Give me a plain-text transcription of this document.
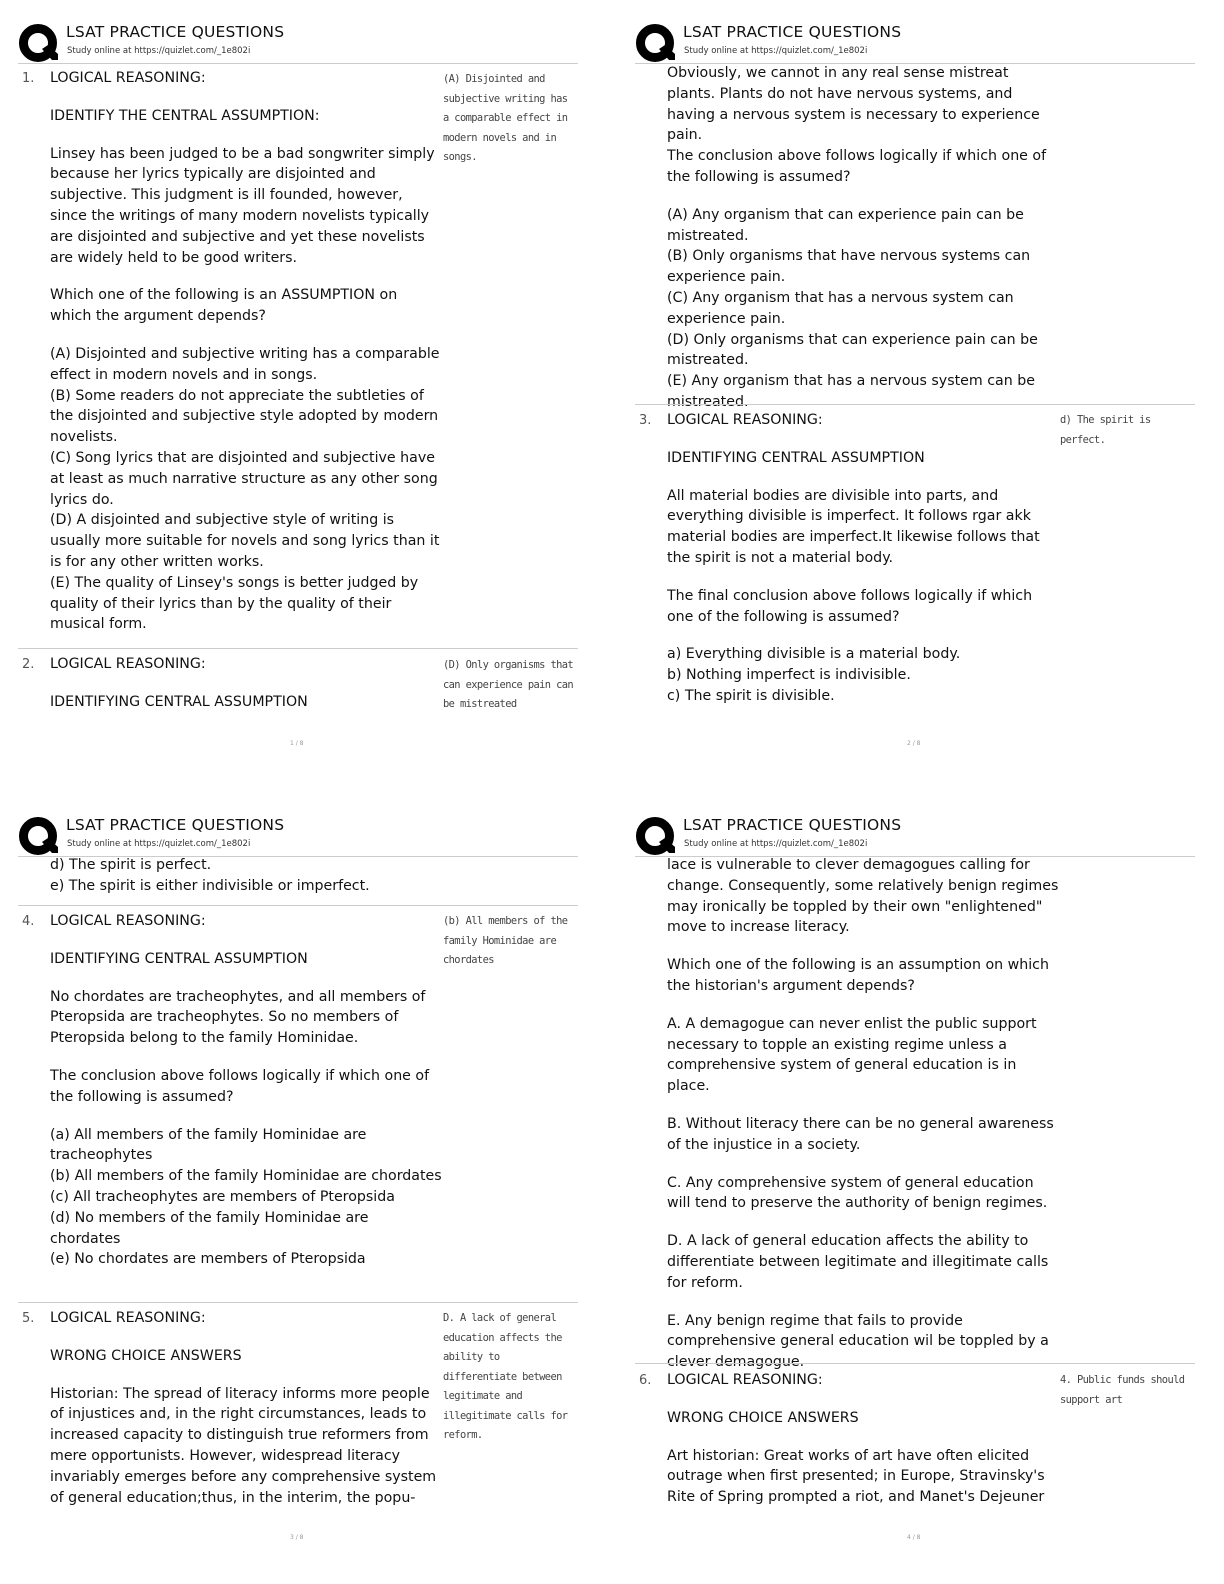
LSAT PRACTICE QUESTIONS
Study online at https://quizlet.com/_1e802i
1. LOGICAL REASONING:

IDENTIFY THE CENTRAL ASSUMPTION:

Linsey has been judged to be a bad songwriter simply because her lyrics typically are disjointed and subjective. This judgment is ill founded, however, since the writings of many modern novelists typically are disjointed and subjective and yet these novelists are widely held to be good writers.

Which one of the following is an ASSUMPTION on which the argument depends?

(A) Disjointed and subjective writing has a comparable effect in modern novels and in songs.

(B) Some readers do not appreciate the subtleties of the disjointed and subjective style adopted by modern novelists.

(C) Song lyrics that are disjointed and subjective have at least as much narrative structure as any other song lyrics do.

(D) A disjointed and subjective style of writing is usually more suitable for novels and song lyrics than it is for any other written works.

(E) The quality of Linsey's songs is better judged by quality of their lyrics than by the quality of their musical form.

(A) Disjointed and subjective writing has a comparable effect in modern novels and in songs.
2. LOGICAL REASONING:

IDENTIFYING CENTRAL ASSUMPTION

(D) Only organisms that can experience pain can be mistreated
1 / 8
LSAT PRACTICE QUESTIONS
Study online at https://quizlet.com/_1e802i

Obviously, we cannot in any real sense mistreat plants. Plants do not have nervous systems, and having a nervous system is necessary to experience pain.

The conclusion above follows logically if which one of the following is assumed?

(A) Any organism that can experience pain can be mistreated.

(B) Only organisms that have nervous systems can experience pain.

(C) Any organism that has a nervous system can experience pain.

(D) Only organisms that can experience pain can be mistreated.

(E) Any organism that has a nervous system can be mistreated.

3. LOGICAL REASONING:

IDENTIFYING CENTRAL ASSUMPTION

All material bodies are divisible into parts, and everything divisible is imperfect. It follows rgar akk material bodies are imperfect.It likewise follows that the spirit is not a material body.

The final conclusion above follows logically if which one of the following is assumed?

a) Everything divisible is a material body.

b) Nothing imperfect is indivisible.

c) The spirit is divisible.

d) The spirit is perfect.
2 / 8
LSAT PRACTICE QUESTIONS
Study online at https://quizlet.com/_1e802i

d) The spirit is perfect.

e) The spirit is either indivisible or imperfect.

4. LOGICAL REASONING:

IDENTIFYING CENTRAL ASSUMPTION

No chordates are tracheophytes, and all members of Pteropsida are tracheophytes. So no members of Pteropsida belong to the family Hominidae.

The conclusion above follows logically if which one of the following is assumed?

(a) All members of the family Hominidae are tracheophytes

(b) All members of the family Hominidae are chordates

(c) All tracheophytes are members of Pteropsida

(d) No members of the family Hominidae are chordates

(e) No chordates are members of Pteropsida

(b) All members of the family Hominidae are chordates
5. LOGICAL REASONING:

WRONG CHOICE ANSWERS

Historian: The spread of literacy informs more people of injustices and, in the right circumstances, leads to increased capacity to distinguish true reformers from mere opportunists. However, widespread literacy invariably emerges before any comprehensive system of general education;thus, in the interim, the popu-

D. A lack of general education affects the ability to differentiate between legitimate and illegitimate calls for reform.
3 / 8
LSAT PRACTICE QUESTIONS
Study online at https://quizlet.com/_1e802i

lace is vulnerable to clever demagogues calling for change. Consequently, some relatively benign regimes may ironically be toppled by their own "enlightened" move to increase literacy.

Which one of the following is an assumption on which the historian's argument depends?

A. A demagogue can never enlist the public support necessary to topple an existing regime unless a comprehensive system of general education is in place.

B. Without literacy there can be no general awareness of the injustice in a society.

C. Any comprehensive system of general education will tend to preserve the authority of benign regimes.

D. A lack of general education affects the ability to differentiate between legitimate and illegitimate calls for reform.

E. Any benign regime that fails to provide comprehensive general education wil be toppled by a clever demagogue.

6. LOGICAL REASONING:

WRONG CHOICE ANSWERS

Art historian: Great works of art have often elicited outrage when first presented; in Europe, Stravinsky's Rite of Spring prompted a riot, and Manet's Dejeuner

4. Public funds should support art
4 / 8
